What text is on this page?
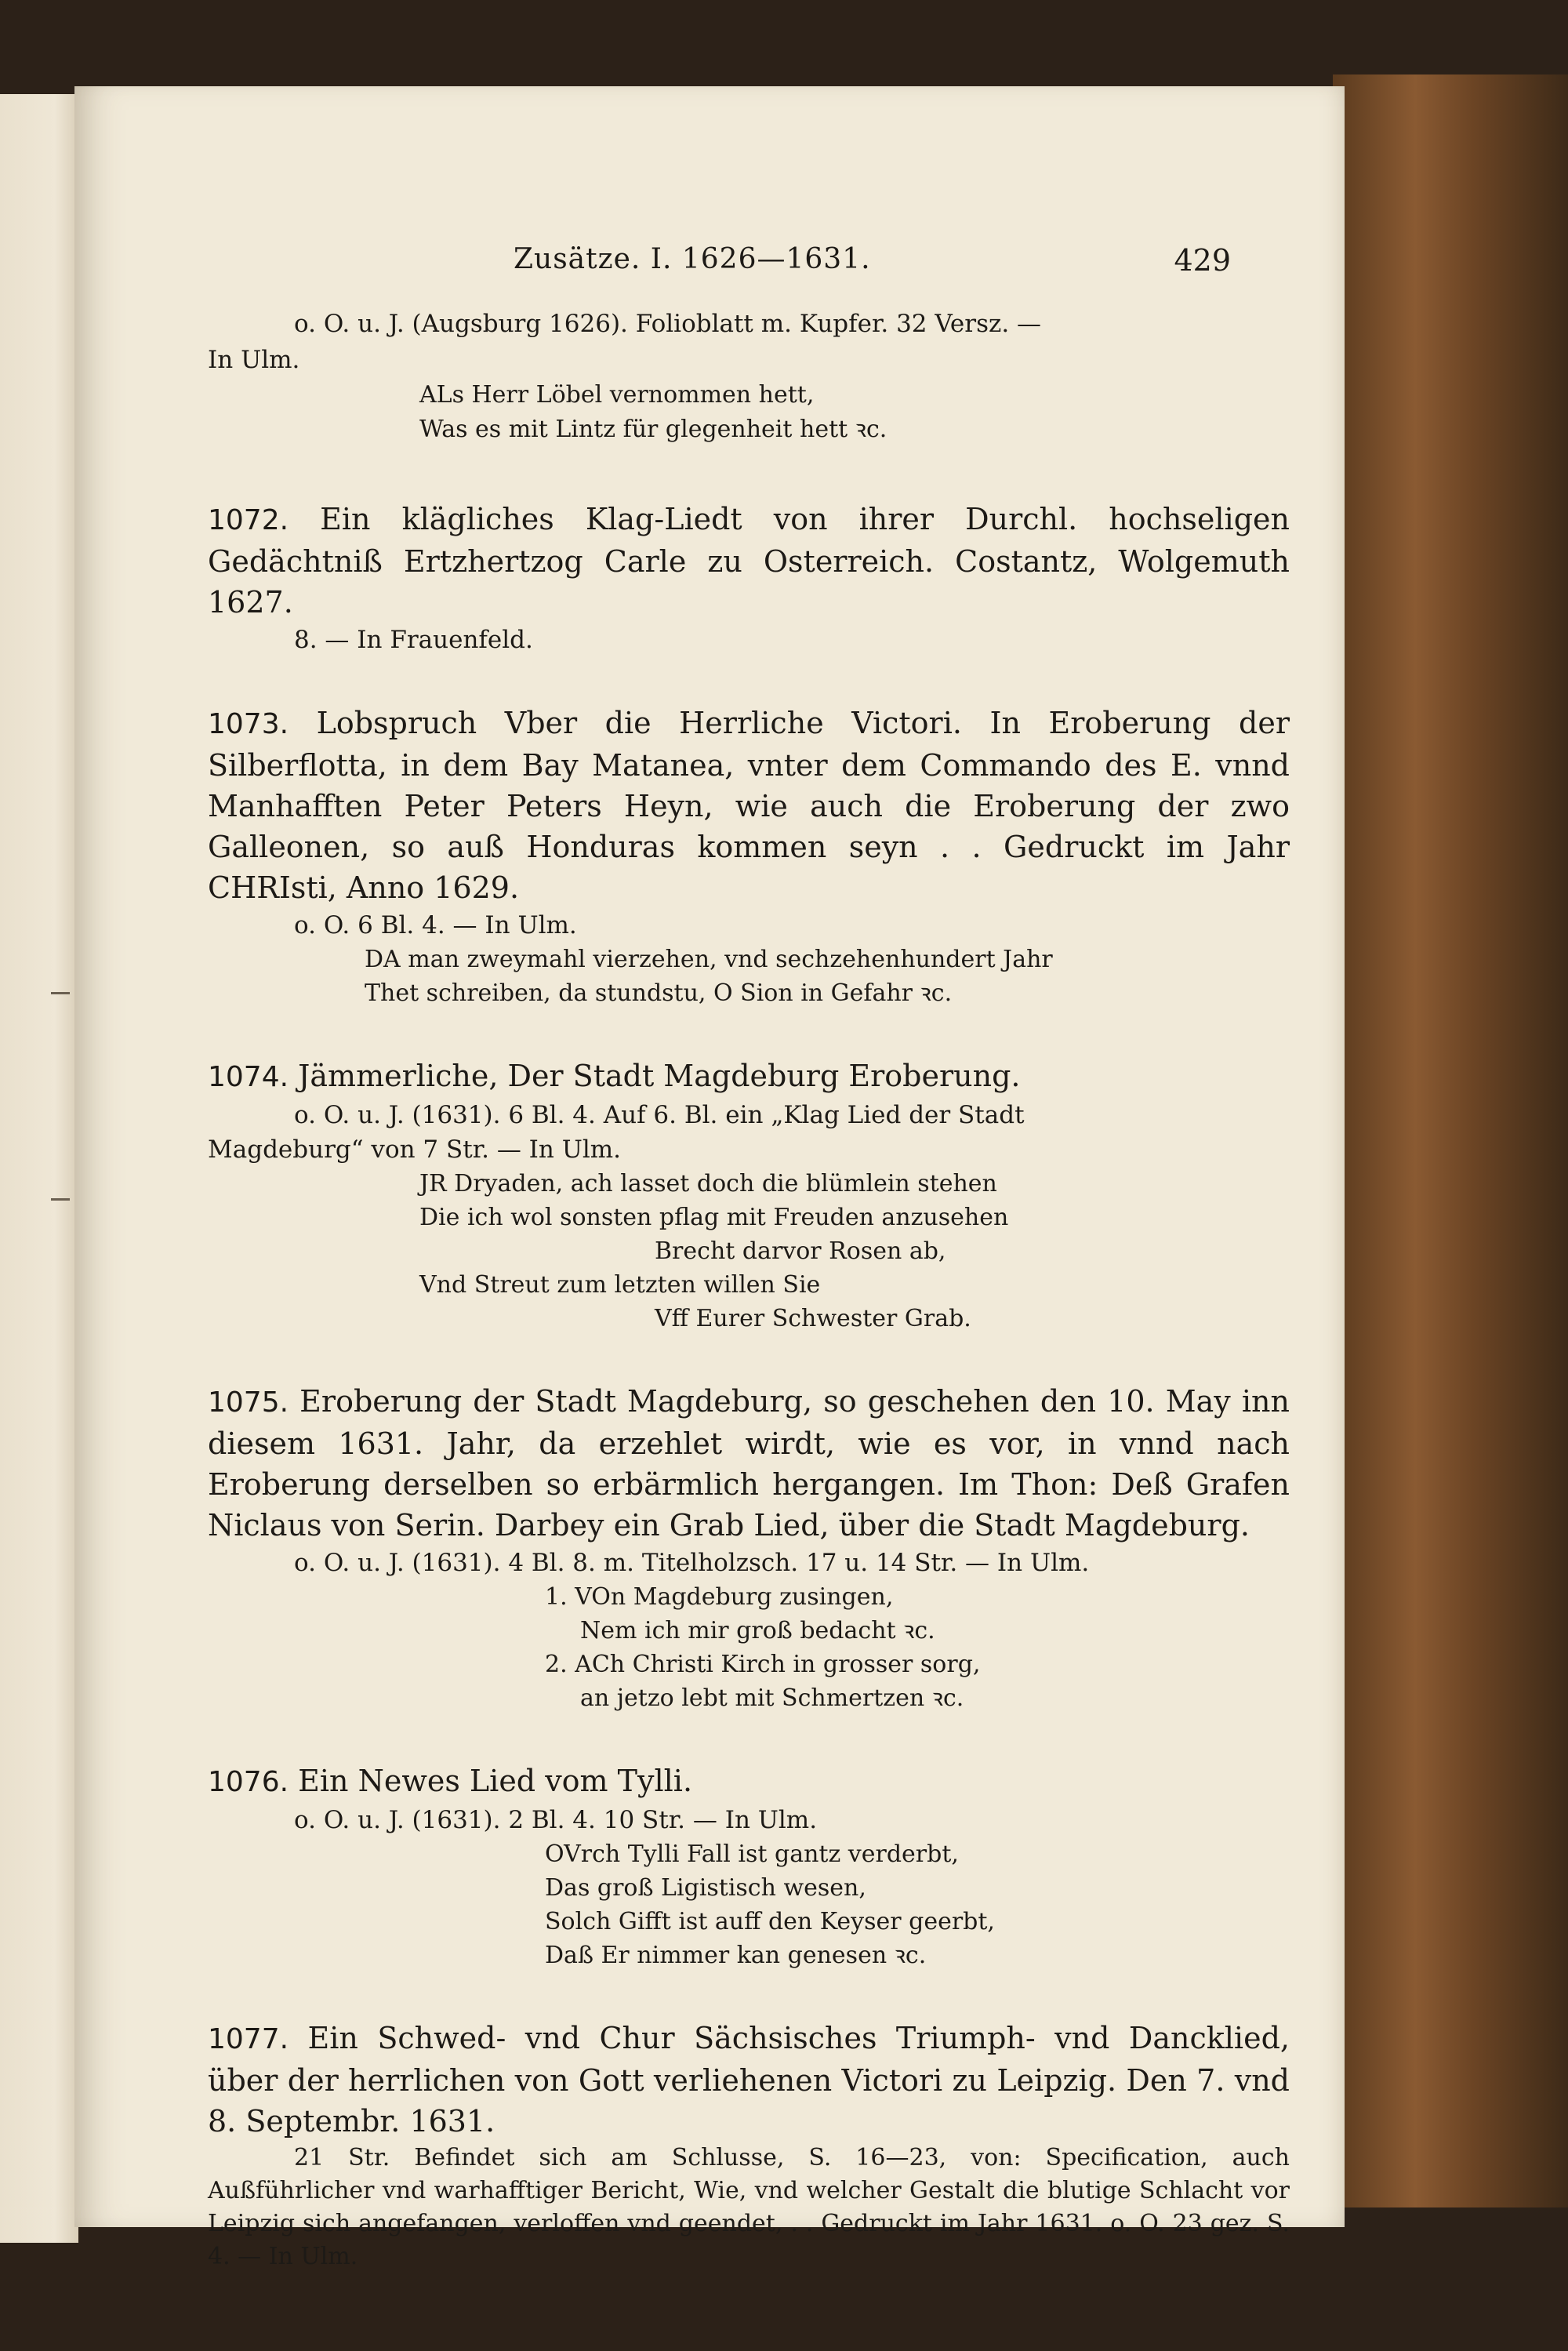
Zusätze. I. 1626—1631.	429

o. O. u. J. (Augsburg 1626). Folioblatt m. Kupfer. 32 Versz. —

In Ulm.

ALs Herr Löbel vernommen hett,
Was es mit Lintz für glegenheit hett ꝛc.

1072. Ein klägliches Klag-Liedt von ihrer Durchl. hochseligen Gedächtniß Ertzhertzog Carle zu Osterreich. Costantz, Wolgemuth 1627.

8. — In Frauenfeld.

1073. Lobspruch Vber die Herrliche Victori. In Eroberung der Silberflotta, in dem Bay Matanea, vnter dem Commando des E. vnnd Manhafften Peter Peters Heyn, wie auch die Eroberung der zwo Galleonen, so auß Honduras kommen seyn . . Gedruckt im Jahr CHRIsti, Anno 1629.

o. O. 6 Bl. 4. — In Ulm.

DA man zweymahl vierzehen, vnd sechzehenhundert Jahr
Thet schreiben, da stundstu, O Sion in Gefahr ꝛc.

1074. Jämmerliche, Der Stadt Magdeburg Eroberung.

o. O. u. J. (1631). 6 Bl. 4. Auf 6. Bl. ein „Klag Lied der Stadt

Magdeburg“ von 7 Str. — In Ulm.

JR Dryaden, ach lasset doch die blümlein stehen
Die ich wol sonsten pflag mit Freuden anzusehen
Brecht darvor Rosen ab,
Vnd Streut zum letzten willen Sie
Vff Eurer Schwester Grab.

1075. Eroberung der Stadt Magdeburg, so geschehen den 10. May inn diesem 1631. Jahr, da erzehlet wirdt, wie es vor, in vnnd nach Eroberung derselben so erbärmlich hergangen. Im Thon: Deß Grafen Niclaus von Serin. Darbey ein Grab Lied, über die Stadt Magdeburg.

o. O. u. J. (1631). 4 Bl. 8. m. Titelholzsch. 17 u. 14 Str. — In Ulm.

1. VOn Magdeburg zusingen,
Nem ich mir groß bedacht ꝛc.
2. ACh Christi Kirch in grosser sorg,
an jetzo lebt mit Schmertzen ꝛc.

1076. Ein Newes Lied vom Tylli.

o. O. u. J. (1631). 2 Bl. 4. 10 Str. — In Ulm.

OVrch Tylli Fall ist gantz verderbt,
Das groß Ligistisch wesen,
Solch Gifft ist auff den Keyser geerbt,
Daß Er nimmer kan genesen ꝛc.

1077. Ein Schwed- vnd Chur Sächsisches Triumph- vnd Dancklied, über der herrlichen von Gott verliehenen Victori zu Leipzig. Den 7. vnd 8. Septembr. 1631.

21 Str. Befindet sich am Schlusse, S. 16—23, von: Specification, auch Außführlicher vnd warhafftiger Bericht, Wie, vnd welcher Gestalt die blutige Schlacht vor Leipzig sich angefangen, verloffen vnd geendet, . . Gedruckt im Jahr 1631. o. O. 23 gez. S. 4. — In Ulm.
